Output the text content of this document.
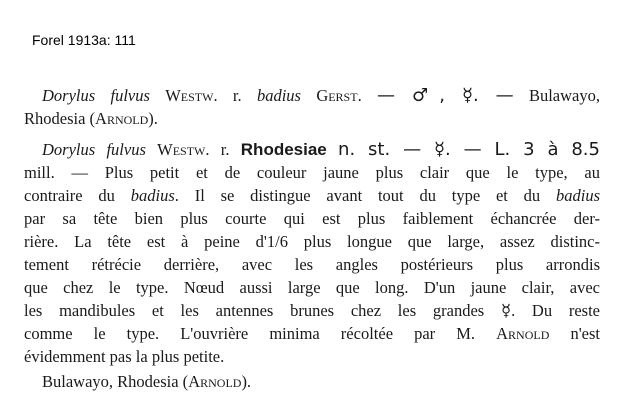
Forel 1913a: 111
Dorylus fulvus Westw. r. badius Gerst. — ♂, ☿. — Bulawayo,
Rhodesia (Arnold).
Dorylus fulvus Westw. r. Rhodesiae n. st. — ☿. — L. 3 à 8.5
mill. — Plus petit et de couleur jaune plus clair que le type, au
contraire du badius. Il se distingue avant tout du type et du badius
par sa tête bien plus courte qui est plus faiblement échancrée der-
rière. La tête est à peine d'1/6 plus longue que large, assez distinc-
tement rétrécie derrière, avec les angles postérieurs plus arrondis
que chez le type. Nœud aussi large que long. D'un jaune clair, avec
les mandibules et les antennes brunes chez les grandes ☿. Du reste
comme le type. L'ouvrière minima récoltée par M. Arnold n'est
évidemment pas la plus petite.
Bulawayo, Rhodesia (Arnold).
